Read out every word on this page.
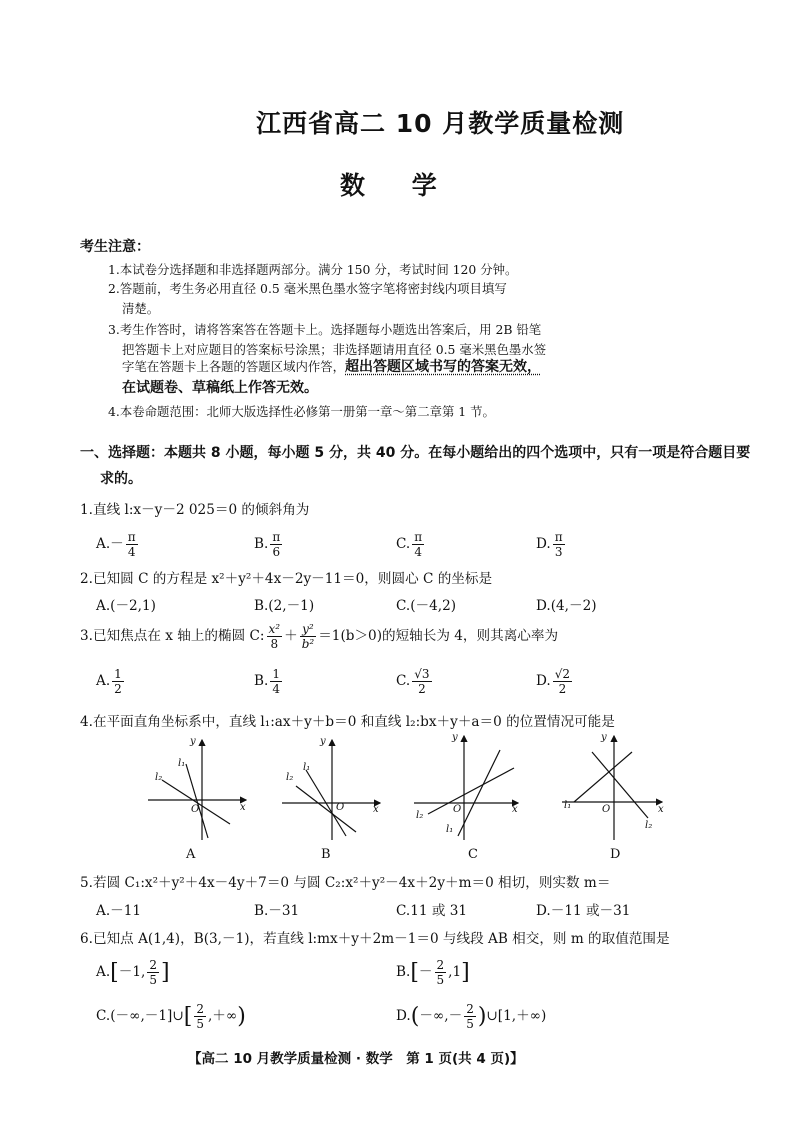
江西省高二 10 月教学质量检测
数 学
考生注意：
1.本试卷分选择题和非选择题两部分。满分 150 分，考试时间 120 分钟。
2.答题前，考生务必用直径 0.5 毫米黑色墨水签字笔将密封线内项目填写
清楚。
3.考生作答时，请将答案答在答题卡上。选择题每小题选出答案后，用 2B 铅笔
把答题卡上对应题目的答案标号涂黑；非选择题请用直径 0.5 毫米黑色墨水签
字笔在答题卡上各题的答题区域内作答，超出答题区域书写的答案无效，
在试题卷、草稿纸上作答无效。
4.本卷命题范围：北师大版选择性必修第一册第一章～第二章第 1 节。
一、选择题：本题共 8 小题，每小题 5 分，共 40 分。在每小题给出的四个选项中，只有一项是符合题目要
求的。
1.直线 l:x－y－2 025＝0 的倾斜角为
$A.- \frac{\pi}{4}$	B. $\frac{\pi}{6}$	C. $\frac{\pi}{4}$	D. $\frac{\pi}{3}$
2.已知圆 C 的方程是 x²＋y²＋4x－2y－11＝0，则圆心 C 的坐标是
A.(－2,1)	B.(2,－1)	C.(－4,2)	D.(4,－2)
3.已知焦点在 x 轴上的椭圆 C: $\frac{\text{x²}}{8} + \frac{\text{y²}}{\text{b²}} =1(b>0)$的短轴长为 4，则其离心率为
A. $\frac{1}{2}$	B. $\frac{1}{4}$	C. $\frac{√3}{2}$	D. $\frac{√2}{2}$
4.在平面直角坐标系中，直线 l₁:ax＋y＋b＝0 和直线 l₂:bx＋y＋a＝0 的位置情况可能是
y
x
O
l₁
l₂
y
x
O
l₁
l₂
y
x
O
l₁
l₂
y
x
O
l₁
l₂
A	B	C	D
5.若圆 C₁:x²＋y²＋4x－4y＋7＝0 与圆 C₂:x²＋y²－4x＋2y＋m＝0 相切，则实数 m＝
A.－11	B.－31	C.11 或 31	D.－11 或－31
6.已知点 A(1,4)，B(3,－1)，若直线 l:mx＋y＋2m－1＝0 与线段 AB 相交，则 m 的取值范围是
A.[－1, $\frac{2}{5}$ ]	$B.[- \frac{2}{5} ,1]$
C.(－∞,－1]∪[ $\frac{2}{5}$ ,＋∞)	$D.(-\infty,- \frac{2}{5}$ )∪[1,＋∞)
【高二 10 月教学质量检测 · 数学　第 1 页(共 4 页)】
